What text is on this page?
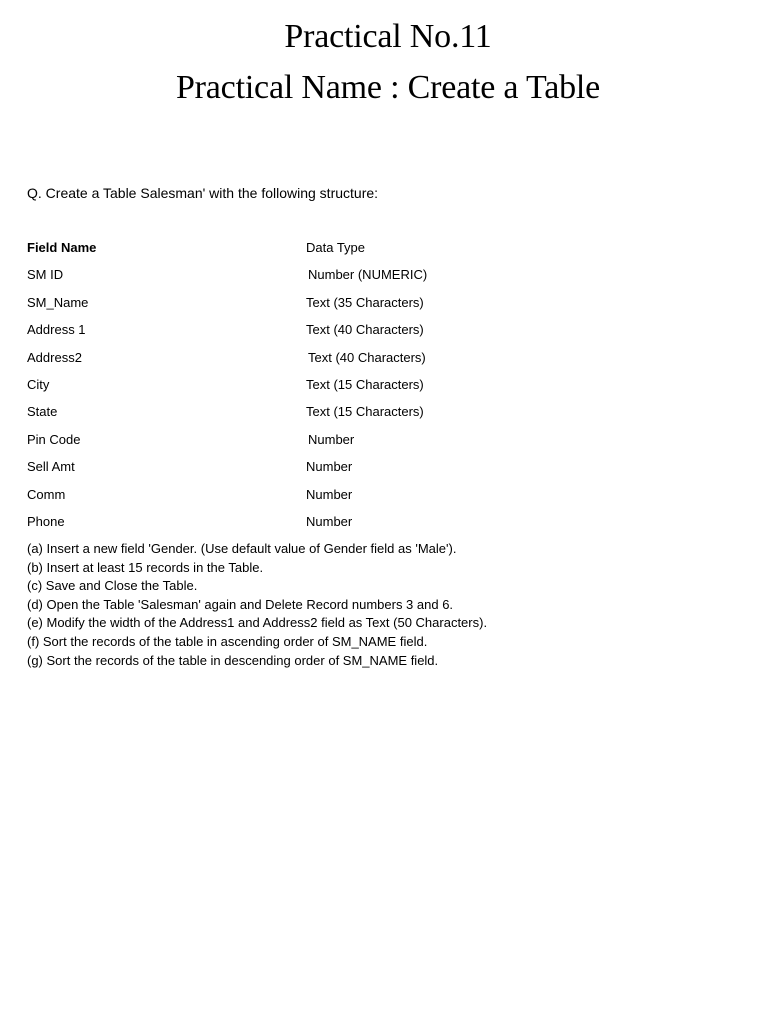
Practical No.11
Practical Name : Create a Table
Q. Create a Table Salesman' with the following structure:
Field Name	Data Type
SM ID	Number (NUMERIC)
SM_Name	Text (35 Characters)
Address 1	Text (40 Characters)
Address2	Text (40 Characters)
City	Text (15 Characters)
State	Text (15 Characters)
Pin Code	Number
Sell Amt	Number
Comm	Number
Phone	Number
(a) Insert a new field 'Gender. (Use default value of Gender field as 'Male').
(b) Insert at least 15 records in the Table.
(c) Save and Close the Table.
(d) Open the Table 'Salesman' again and Delete Record numbers 3 and 6.
(e) Modify the width of the Address1 and Address2 field as Text (50 Characters).
(f) Sort the records of the table in ascending order of SM_NAME field.
(g) Sort the records of the table in descending order of SM_NAME field.
